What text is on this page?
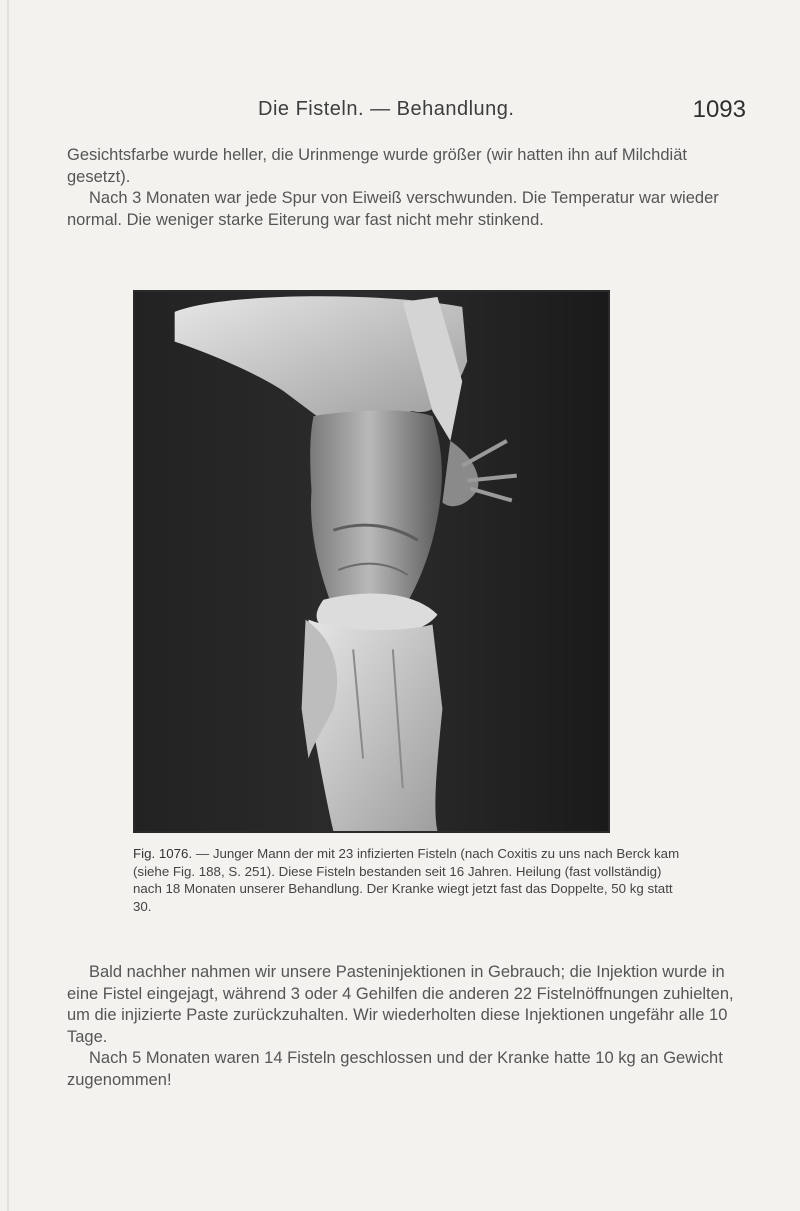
Die Fisteln. — Behandlung.	1093

Gesichtsfarbe wurde heller, die Urinmenge wurde größer (wir hatten ihn auf Milchdiät gesetzt).

Nach 3 Monaten war jede Spur von Eiweiß verschwunden. Die Temperatur war wieder normal. Die weniger starke Eiterung war fast nicht mehr stinkend.

Fig. 1076. — Junger Mann der mit 23 infizierten Fisteln (nach Coxitis zu uns nach Berck kam (siehe Fig. 188, S. 251). Diese Fisteln bestanden seit 16 Jahren. Heilung (fast vollständig) nach 18 Monaten unserer Behandlung. Der Kranke wiegt jetzt fast das Doppelte, 50 kg statt 30.

Bald nachher nahmen wir unsere Pasteninjektionen in Gebrauch; die Injektion wurde in eine Fistel eingejagt, während 3 oder 4 Gehilfen die anderen 22 Fistelnöffnungen zuhielten, um die injizierte Paste zurückzuhalten. Wir wiederholten diese Injektionen ungefähr alle 10 Tage.

Nach 5 Monaten waren 14 Fisteln geschlossen und der Kranke hatte 10 kg an Gewicht zugenommen!
